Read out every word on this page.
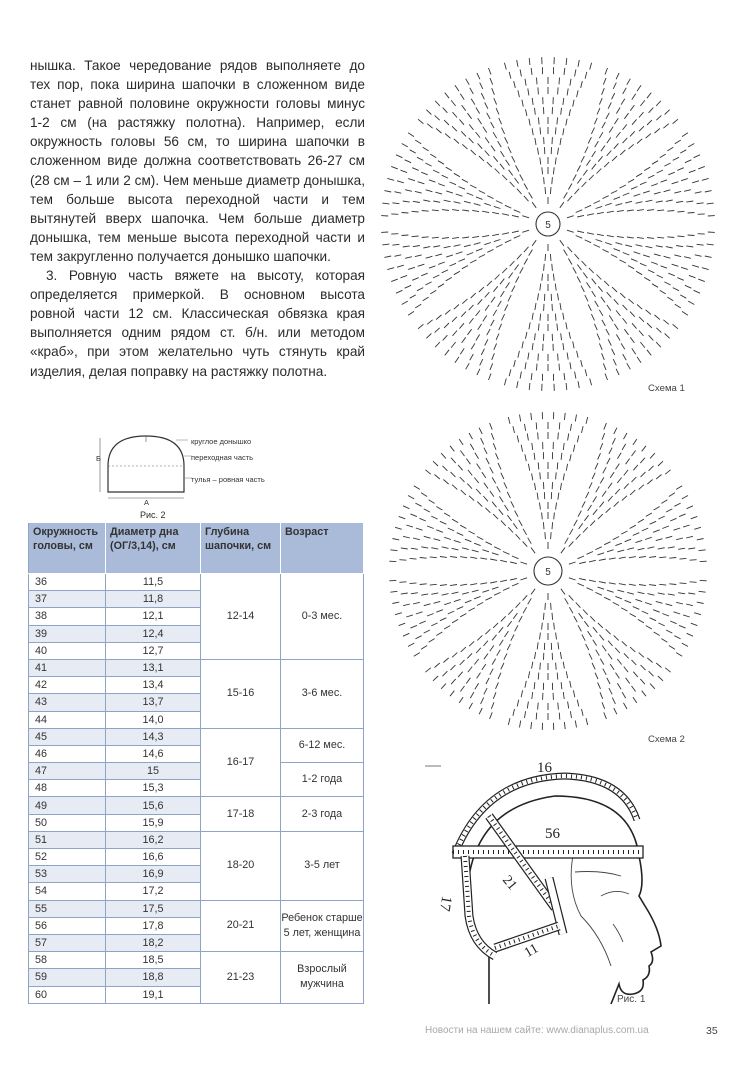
нышка. Такое чередование рядов выполняете до тех пор, пока ширина шапочки в сложенном виде станет равной половине окружности головы минус 1-2 см (на растяжку полотна). Например, если окружность головы 56 см, то ширина шапочки в сложенном виде должна соответствовать 26-27 см (28 см – 1 или 2 см). Чем меньше диаметр донышка, тем больше высота переходной части и тем вытянутей вверх шапочка. Чем больше диаметр донышка, тем меньше высота переходной части и тем закругленно получается донышко шапочки.

3. Ровную часть вяжете на высоту, которая определяется примеркой. В основном высота ровной части 12 см. Классическая обвязка края выполняется одним рядом ст. б/н. или методом «краб», при этом желательно чуть стянуть край изделия, делая поправку на растяжку полотна.

Б
А
круглое донышко
переходная часть
тулья – ровная часть
Рис. 2
Окружность головы, см	Диаметр дна (ОГ/3,14), см	Глубина шапочки, см	Возраст
36	11,5	12-14	0-3 мес.
37	11,8		
38	12,1		
39	12,4		
40	12,7		
41	13,1	15-16	3-6 мес.
42	13,4		
43	13,7		
44	14,0		
45	14,3	16-17	6-12 мес.
46	14,6		
47	15		1-2 года
48	15,3		
49	15,6	17-18	2-3 года
50	15,9		
51	16,2	18-20	3-5 лет
52	16,6		
53	16,9		
54	17,2		
55	17,5	20-21	Ребенок старше 5 лет, женщина
56	17,8		
57	18,2		
58	18,5	21-23	Взрослый мужчина
59	18,8		
60	19,1		
5
Схема 1
5
Схема 2
16
56
21
17
11
Рис. 1
Новости на нашем сайте: www.dianaplus.com.ua	35
